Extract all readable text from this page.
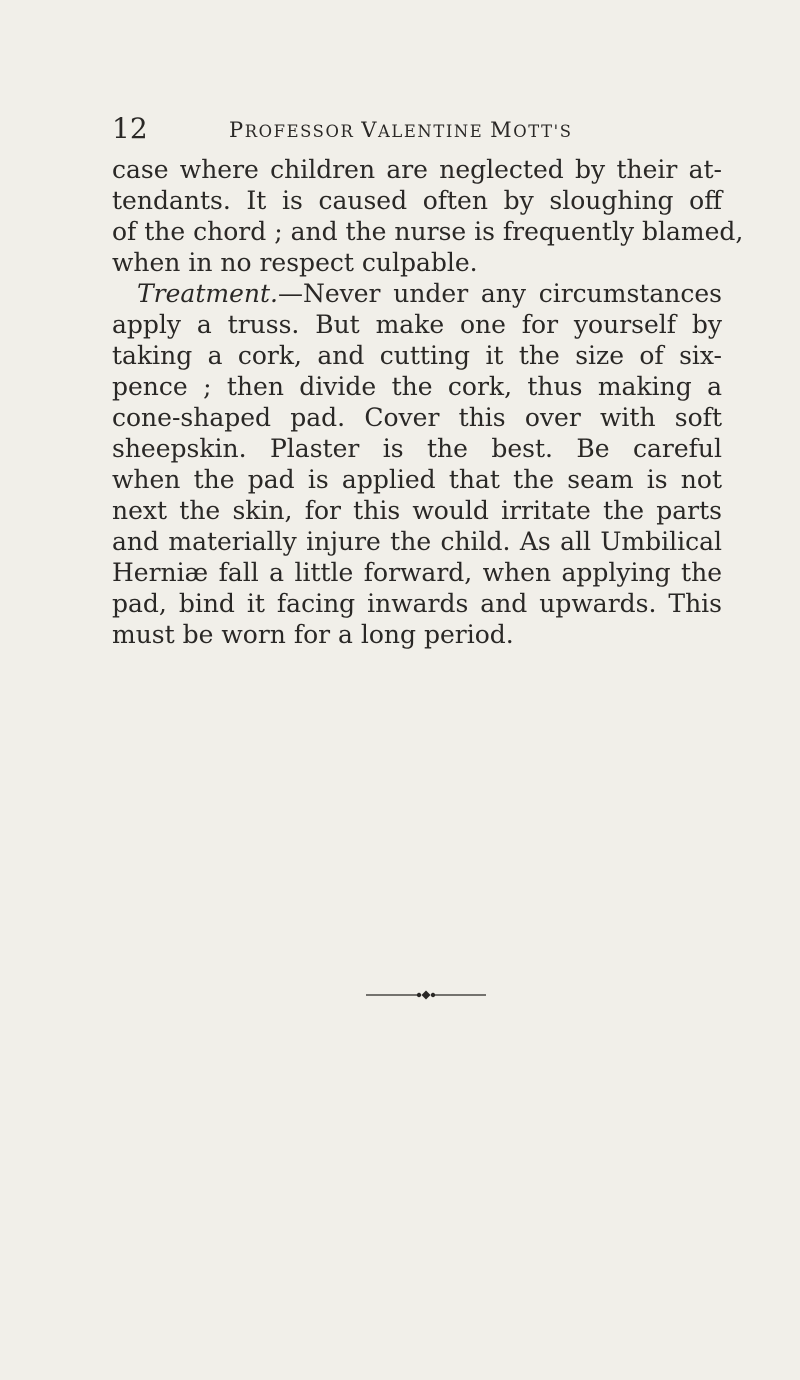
12	PROFESSOR VALENTINE MOTT'S
case where children are neglected by their at-
tendants. It is caused often by sloughing off
of the chord ; and the nurse is frequently blamed,
when in no respect culpable.
Treatment.—Never under any circumstances
apply a truss. But make one for yourself by
taking a cork, and cutting it the size of six-
pence ; then divide the cork, thus making a
cone-shaped pad. Cover this over with soft
sheepskin. Plaster is the best. Be careful
when the pad is applied that the seam is not
next the skin, for this would irritate the parts
and materially injure the child. As all Umbilical
Herniæ fall a little forward, when applying the
pad, bind it facing inwards and upwards. This
must be worn for a long period.
